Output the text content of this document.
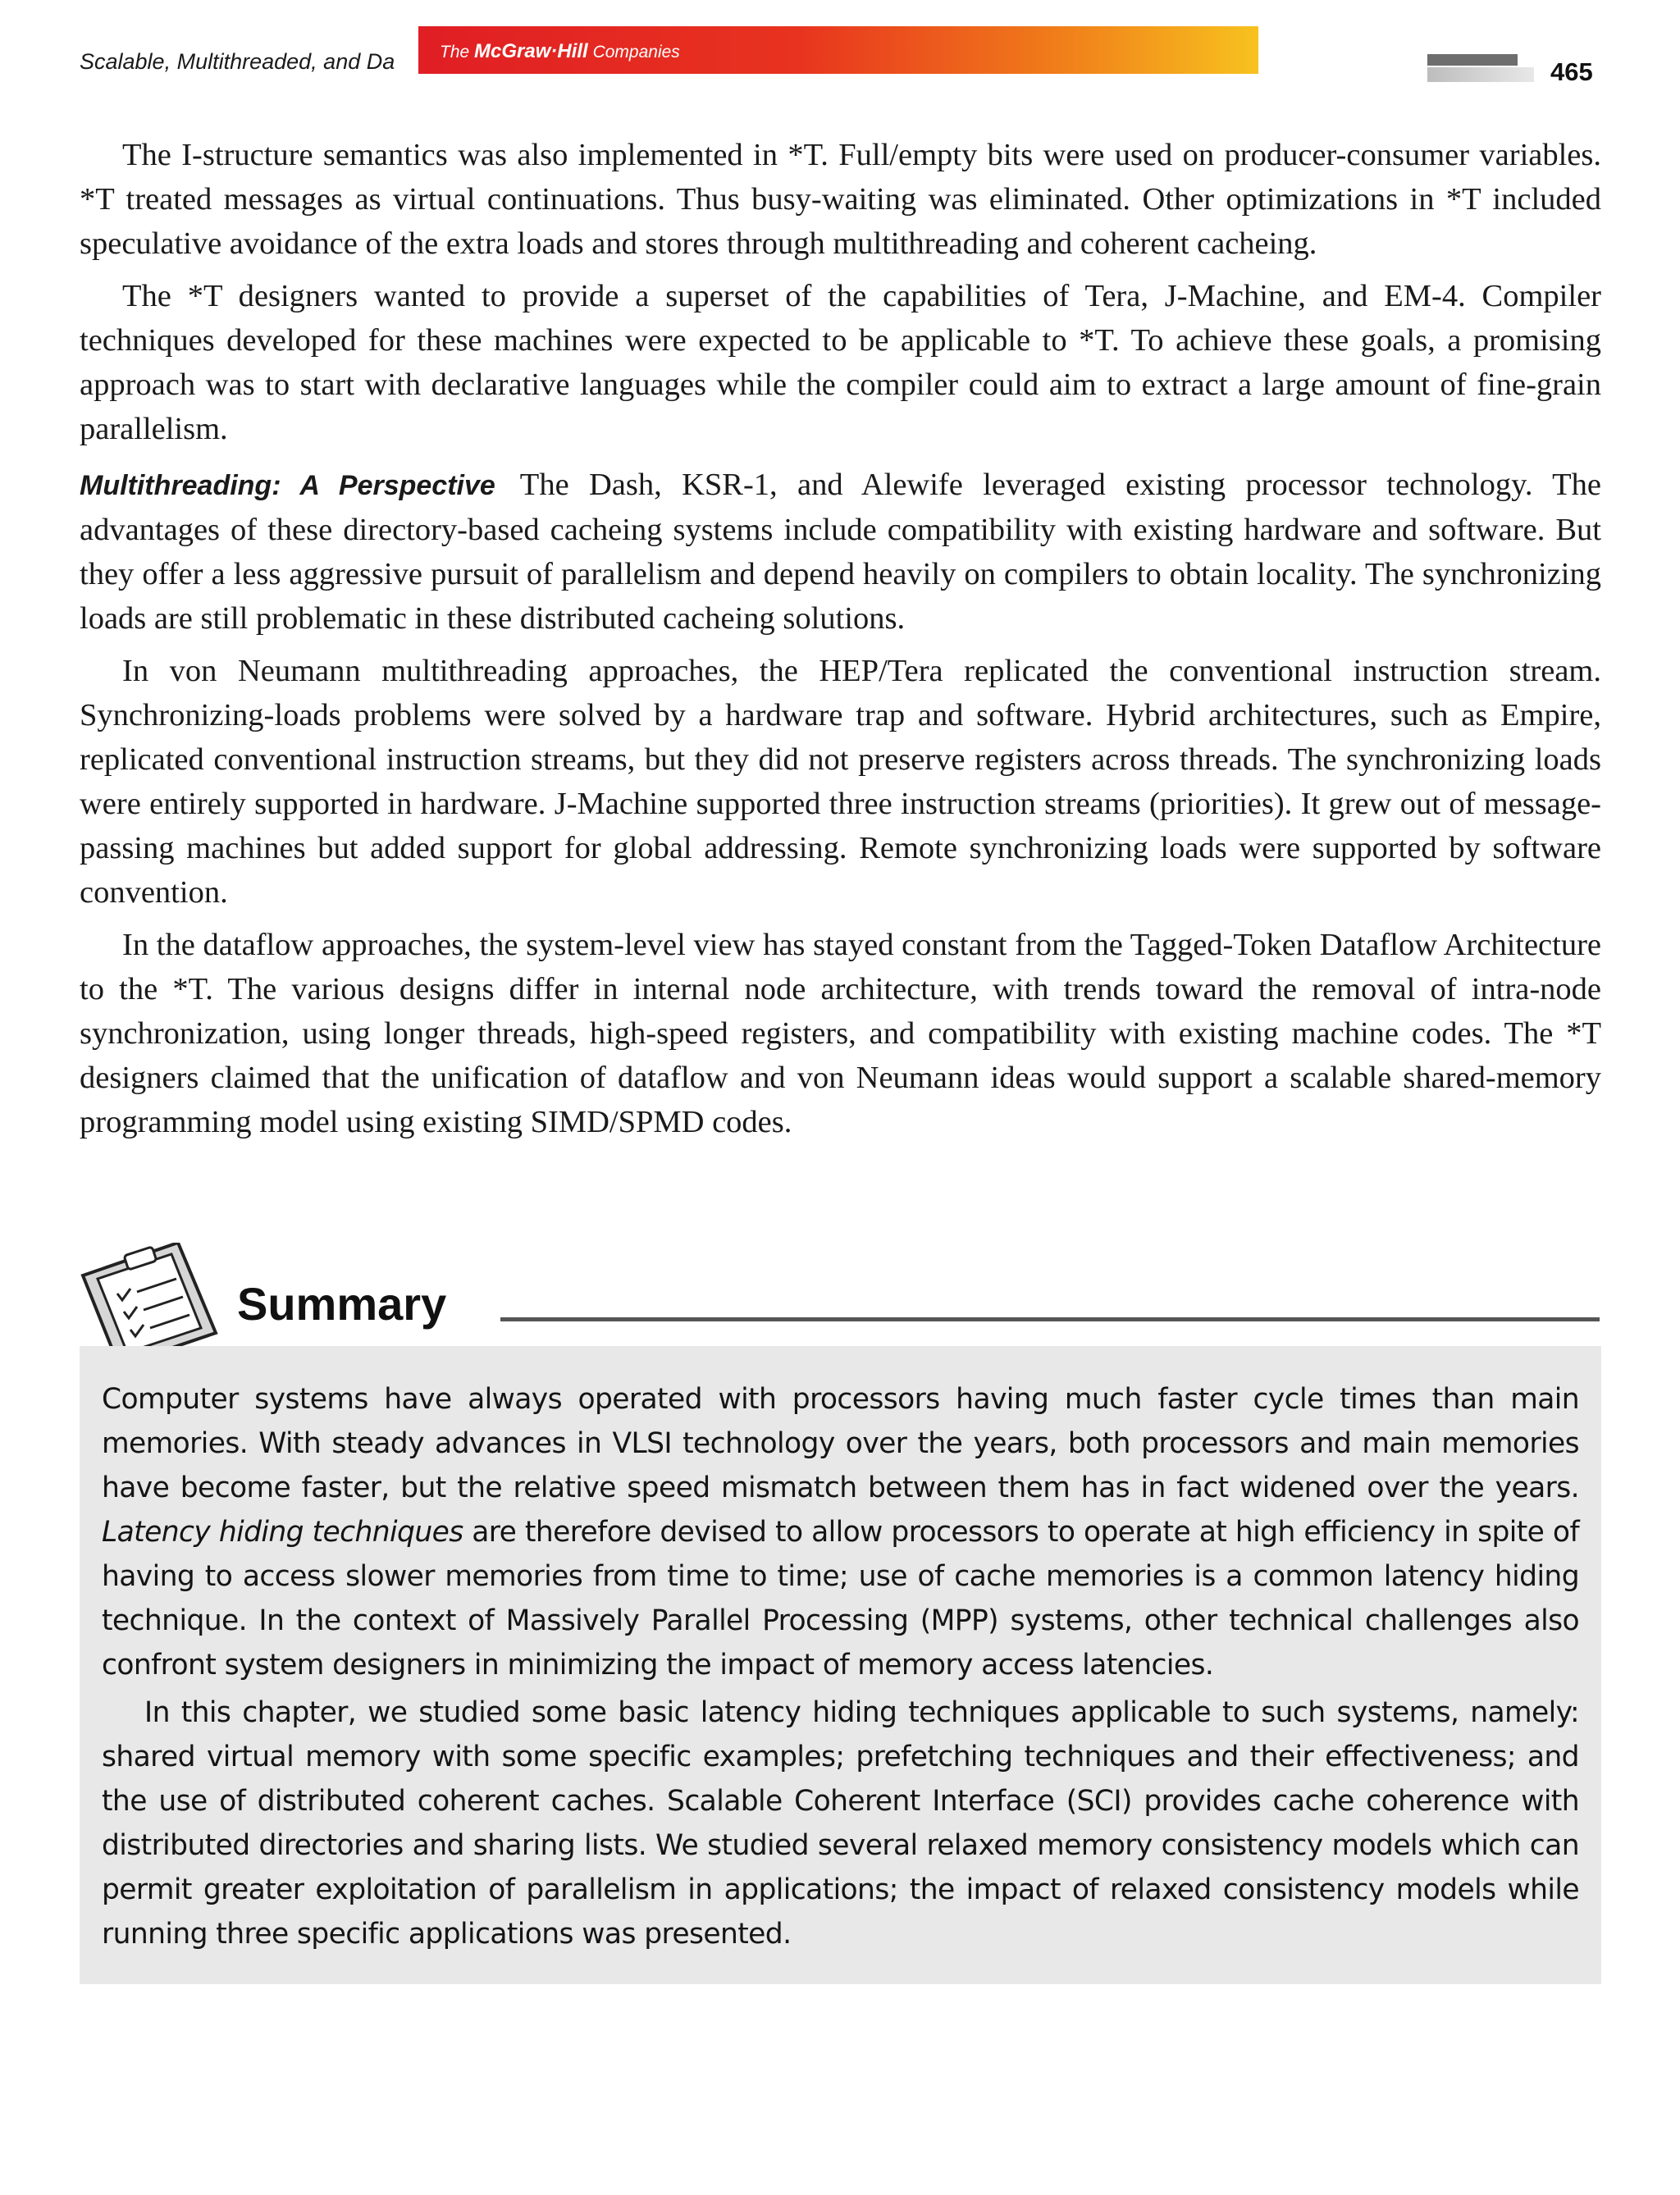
Scalable, Multithreaded, and Da	The McGraw·Hill Companies
465

The I-structure semantics was also implemented in *T. Full/empty bits were used on producer-consumer variables. *T treated messages as virtual continuations. Thus busy-waiting was eliminated. Other optimizations in *T included speculative avoidance of the extra loads and stores through multithreading and coherent cacheing.

The *T designers wanted to provide a superset of the capabilities of Tera, J-Machine, and EM-4. Compiler techniques developed for these machines were expected to be applicable to *T. To achieve these goals, a promising approach was to start with declarative languages while the compiler could aim to extract a large amount of fine-grain parallelism.

Multithreading: A Perspective The Dash, KSR-1, and Alewife leveraged existing processor technology. The advantages of these directory-based cacheing systems include compatibility with existing hardware and software. But they offer a less aggressive pursuit of parallelism and depend heavily on compilers to obtain locality. The synchronizing loads are still problematic in these distributed cacheing solutions.

In von Neumann multithreading approaches, the HEP/Tera replicated the conventional instruction stream. Synchronizing-loads problems were solved by a hardware trap and software. Hybrid architectures, such as Empire, replicated conventional instruction streams, but they did not preserve registers across threads. The synchronizing loads were entirely supported in hardware. J-Machine supported three instruction streams (priorities). It grew out of message-passing machines but added support for global addressing. Remote synchronizing loads were supported by software convention.

In the dataflow approaches, the system-level view has stayed constant from the Tagged-Token Dataflow Architecture to the *T. The various designs differ in internal node architecture, with trends toward the removal of intra-node synchronization, using longer threads, high-speed registers, and compatibility with existing machine codes. The *T designers claimed that the unification of dataflow and von Neumann ideas would support a scalable shared-memory programming model using existing SIMD/SPMD codes.

Summary

Computer systems have always operated with processors having much faster cycle times than main memories. With steady advances in VLSI technology over the years, both processors and main memories have become faster, but the relative speed mismatch between them has in fact widened over the years. Latency hiding techniques are therefore devised to allow processors to operate at high efficiency in spite of having to access slower memories from time to time; use of cache memories is a common latency hiding technique. In the context of Massively Parallel Processing (MPP) systems, other technical challenges also confront system designers in minimizing the impact of memory access latencies.

In this chapter, we studied some basic latency hiding techniques applicable to such systems, namely: shared virtual memory with some specific examples; prefetching techniques and their effectiveness; and the use of distributed coherent caches. Scalable Coherent Interface (SCI) provides cache coherence with distributed directories and sharing lists. We studied several relaxed memory consistency models which can permit greater exploitation of parallelism in applications; the impact of relaxed consistency models while running three specific applications was presented.
